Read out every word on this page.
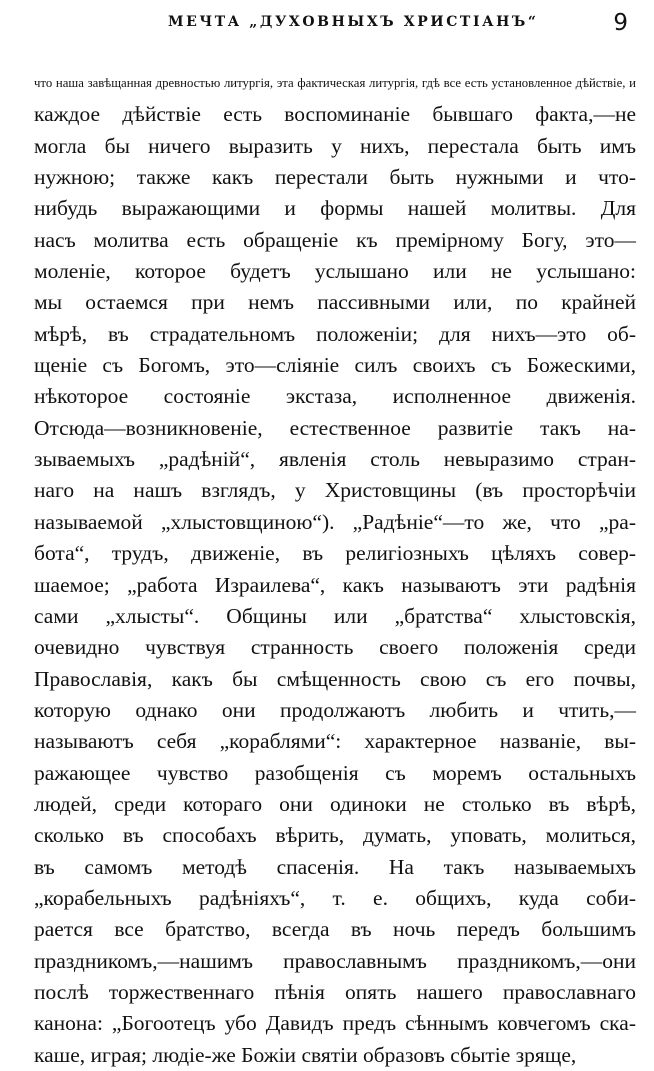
МЕЧТА „ДУХОВНЫХЪ ХРИСТІАНЪ“	9
что наша завѣщанная древностью литургія, эта фактическая литургія, гдѣ все есть установленное дѣйствіе, и
каждое дѣйствіе есть воспоминаніе бывшаго факта,—не
могла бы ничего выразить у нихъ, перестала быть имъ
нужною; также какъ перестали быть нужными и что-
нибудь выражающими и формы нашей молитвы. Для
насъ молитва есть обращеніе къ премірному Богу, это—
моленіе, которое будетъ услышано или не услышано:
мы остаемся при немъ пассивными или, по крайней
мѣрѣ, въ страдательномъ положеніи; для нихъ—это об-
щеніе съ Богомъ, это—сліяніе силъ своихъ съ Божескими,
нѣкоторое состояніе экстаза, исполненное движенія.
Отсюда—возникновеніе, естественное развитіе такъ на-
зываемыхъ „радѣній“, явленія столь невыразимо стран-
наго на нашъ взглядъ, у Христовщины (въ просторѣчіи
называемой „хлыстовщиною“). „Радѣніе“—то же, что „ра-
бота“, трудъ, движеніе, въ религіозныхъ цѣляхъ совер-
шаемое; „работа Израилева“, какъ называютъ эти радѣнія
сами „хлысты“. Общины или „братства“ хлыстовскія,
очевидно чувствуя странность своего положенія среди
Православія, какъ бы смѣщенность свою съ его почвы,
которую однако они продолжаютъ любить и чтить,—
называютъ себя „кораблями“: характерное названіе, вы-
ражающее чувство разобщенія съ моремъ остальныхъ
людей, среди котораго они одиноки не столько въ вѣрѣ,
сколько въ способахъ вѣрить, думать, уповать, молиться,
въ самомъ методѣ спасенія. На такъ называемыхъ
„корабельныхъ радѣніяхъ“, т. е. общихъ, куда соби-
рается все братство, всегда въ ночь передъ большимъ
праздникомъ,—нашимъ православнымъ праздникомъ,—они
послѣ торжественнаго пѣнія опять нашего православнаго
канона: „Богоотецъ убо Давидъ предъ сѣннымъ ковчегомъ ска-
каше, играя; людіе-же Божіи святіи образовъ сбытіе зряще,
